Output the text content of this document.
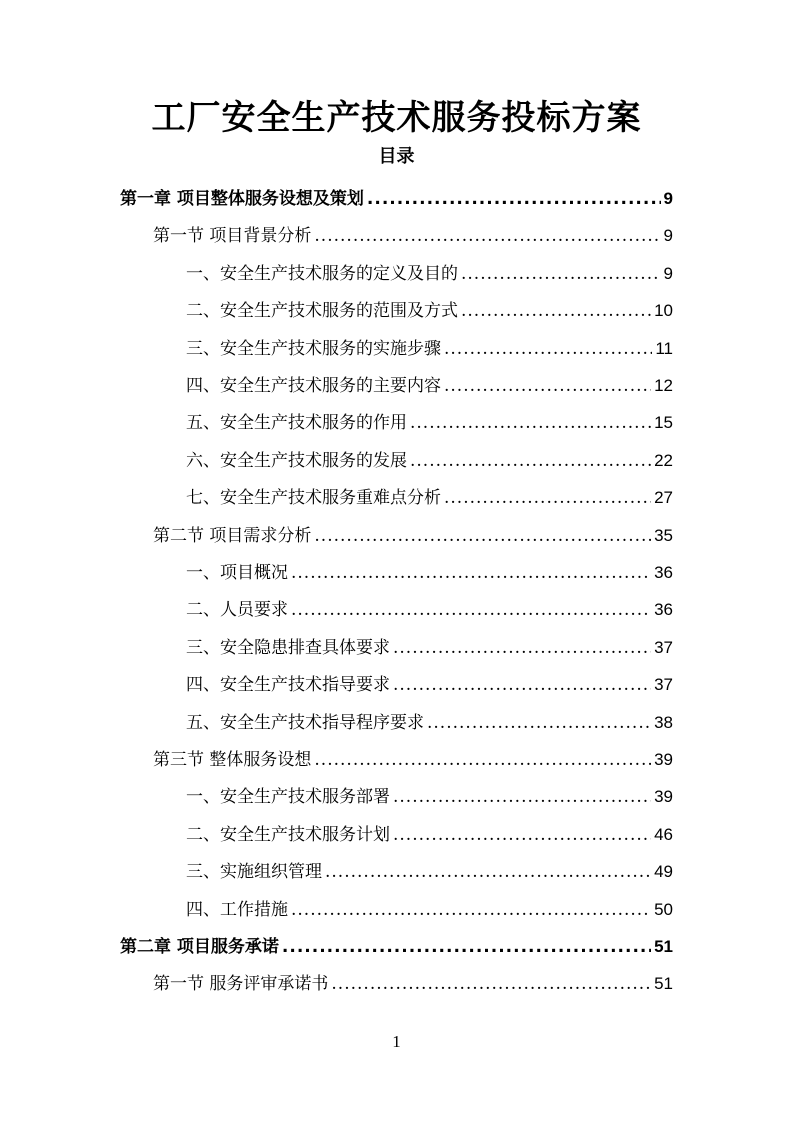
工厂安全生产技术服务投标方案
目录
第一章 项目整体服务设想及策划 .....	9
第一节 项目背景分析 .....	9
一、安全生产技术服务的定义及目的 .....	9
二、安全生产技术服务的范围及方式 .....	10
三、安全生产技术服务的实施步骤 .....	11
四、安全生产技术服务的主要内容 .....	12
五、安全生产技术服务的作用 .....	15
六、安全生产技术服务的发展 .....	22
七、安全生产技术服务重难点分析 .....	27
第二节 项目需求分析 .....	35
一、项目概况 .....	36
二、人员要求 .....	36
三、安全隐患排查具体要求 .....	37
四、安全生产技术指导要求 .....	37
五、安全生产技术指导程序要求 .....	38
第三节 整体服务设想 .....	39
一、安全生产技术服务部署 .....	39
二、安全生产技术服务计划 .....	46
三、实施组织管理 .....	49
四、工作措施 .....	50
第二章 项目服务承诺 .....	51
第一节 服务评审承诺书 .....	51
1
